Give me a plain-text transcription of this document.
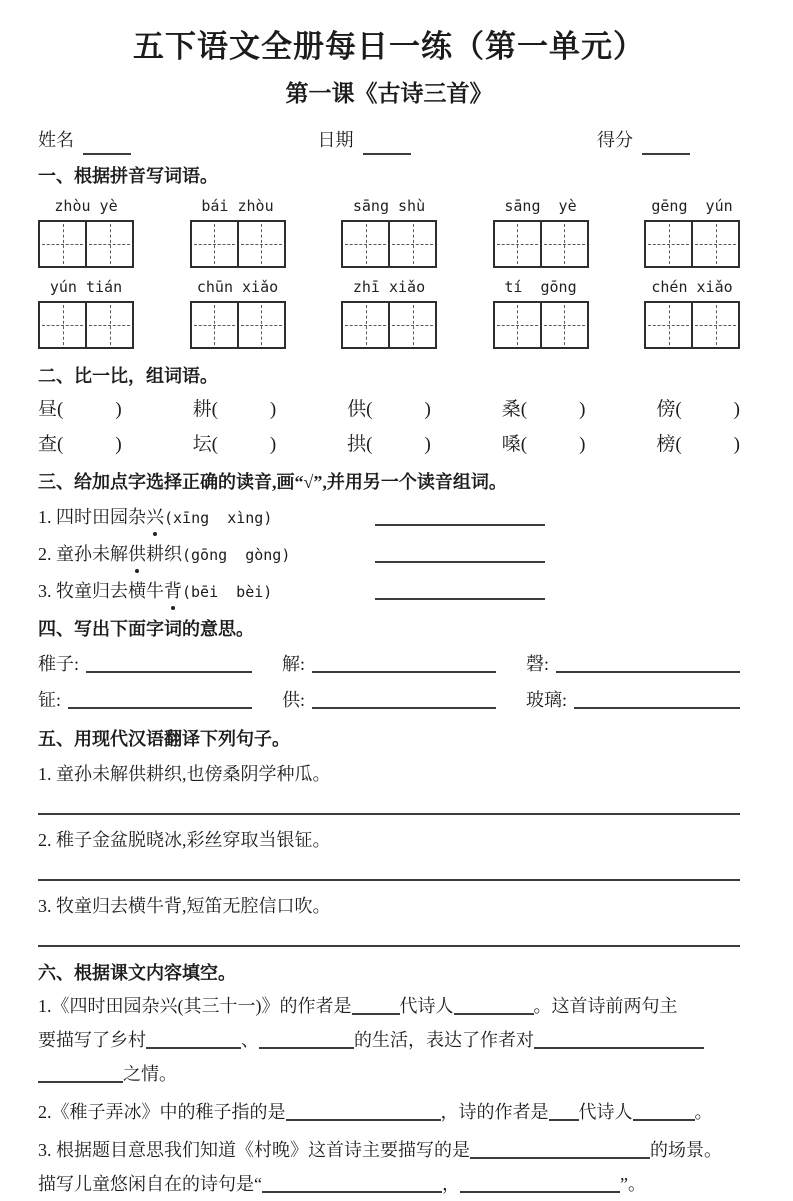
五下语文全册每日一练（第一单元）
第一课《古诗三首》
姓名	日期	得分
一、根据拼音写词语。
zhòu yè	bái zhòu	sāng shù	sāng  yè	gēng  yún
yún tián	chūn xiǎo	zhī xiǎo	tí  gōng	chén xiǎo
二、比一比，组词语。
昼 (	)	耕 (	)	供 (	)	桑 (	)	傍 (	)
查 (	)	坛 (	)	拱 (	)	嗓 (	)	榜 (	)
三、给加点字选择正确的读音,画“√”,并用另一个读音组词。
1. 四时田园杂兴(xīng  xìng)
2. 童孙未解供耕织(gōng  gòng)
3. 牧童归去横牛背(bēi  bèi)
四、写出下面字词的意思。
稚子:	解:	磬:
钲:	供:	玻璃:
五、用现代汉语翻译下列句子。
1. 童孙未解供耕织,也傍桑阴学种瓜。
2. 稚子金盆脱晓冰,彩丝穿取当银钲。
3. 牧童归去横牛背,短笛无腔信口吹。
六、根据课文内容填空。
1.《四时田园杂兴(其三十一)》的作者是	代诗人	。这首诗前两句主
要描写了乡村	、	的生活，表达了作者对
之情。
2.《稚子弄冰》中的稚子指的是	，诗的作者是 代诗人	。
3. 根据题目意思我们知道《村晚》这首诗主要描写的是	的场景。
描写儿童悠闲自在的诗句是“	，	”。
